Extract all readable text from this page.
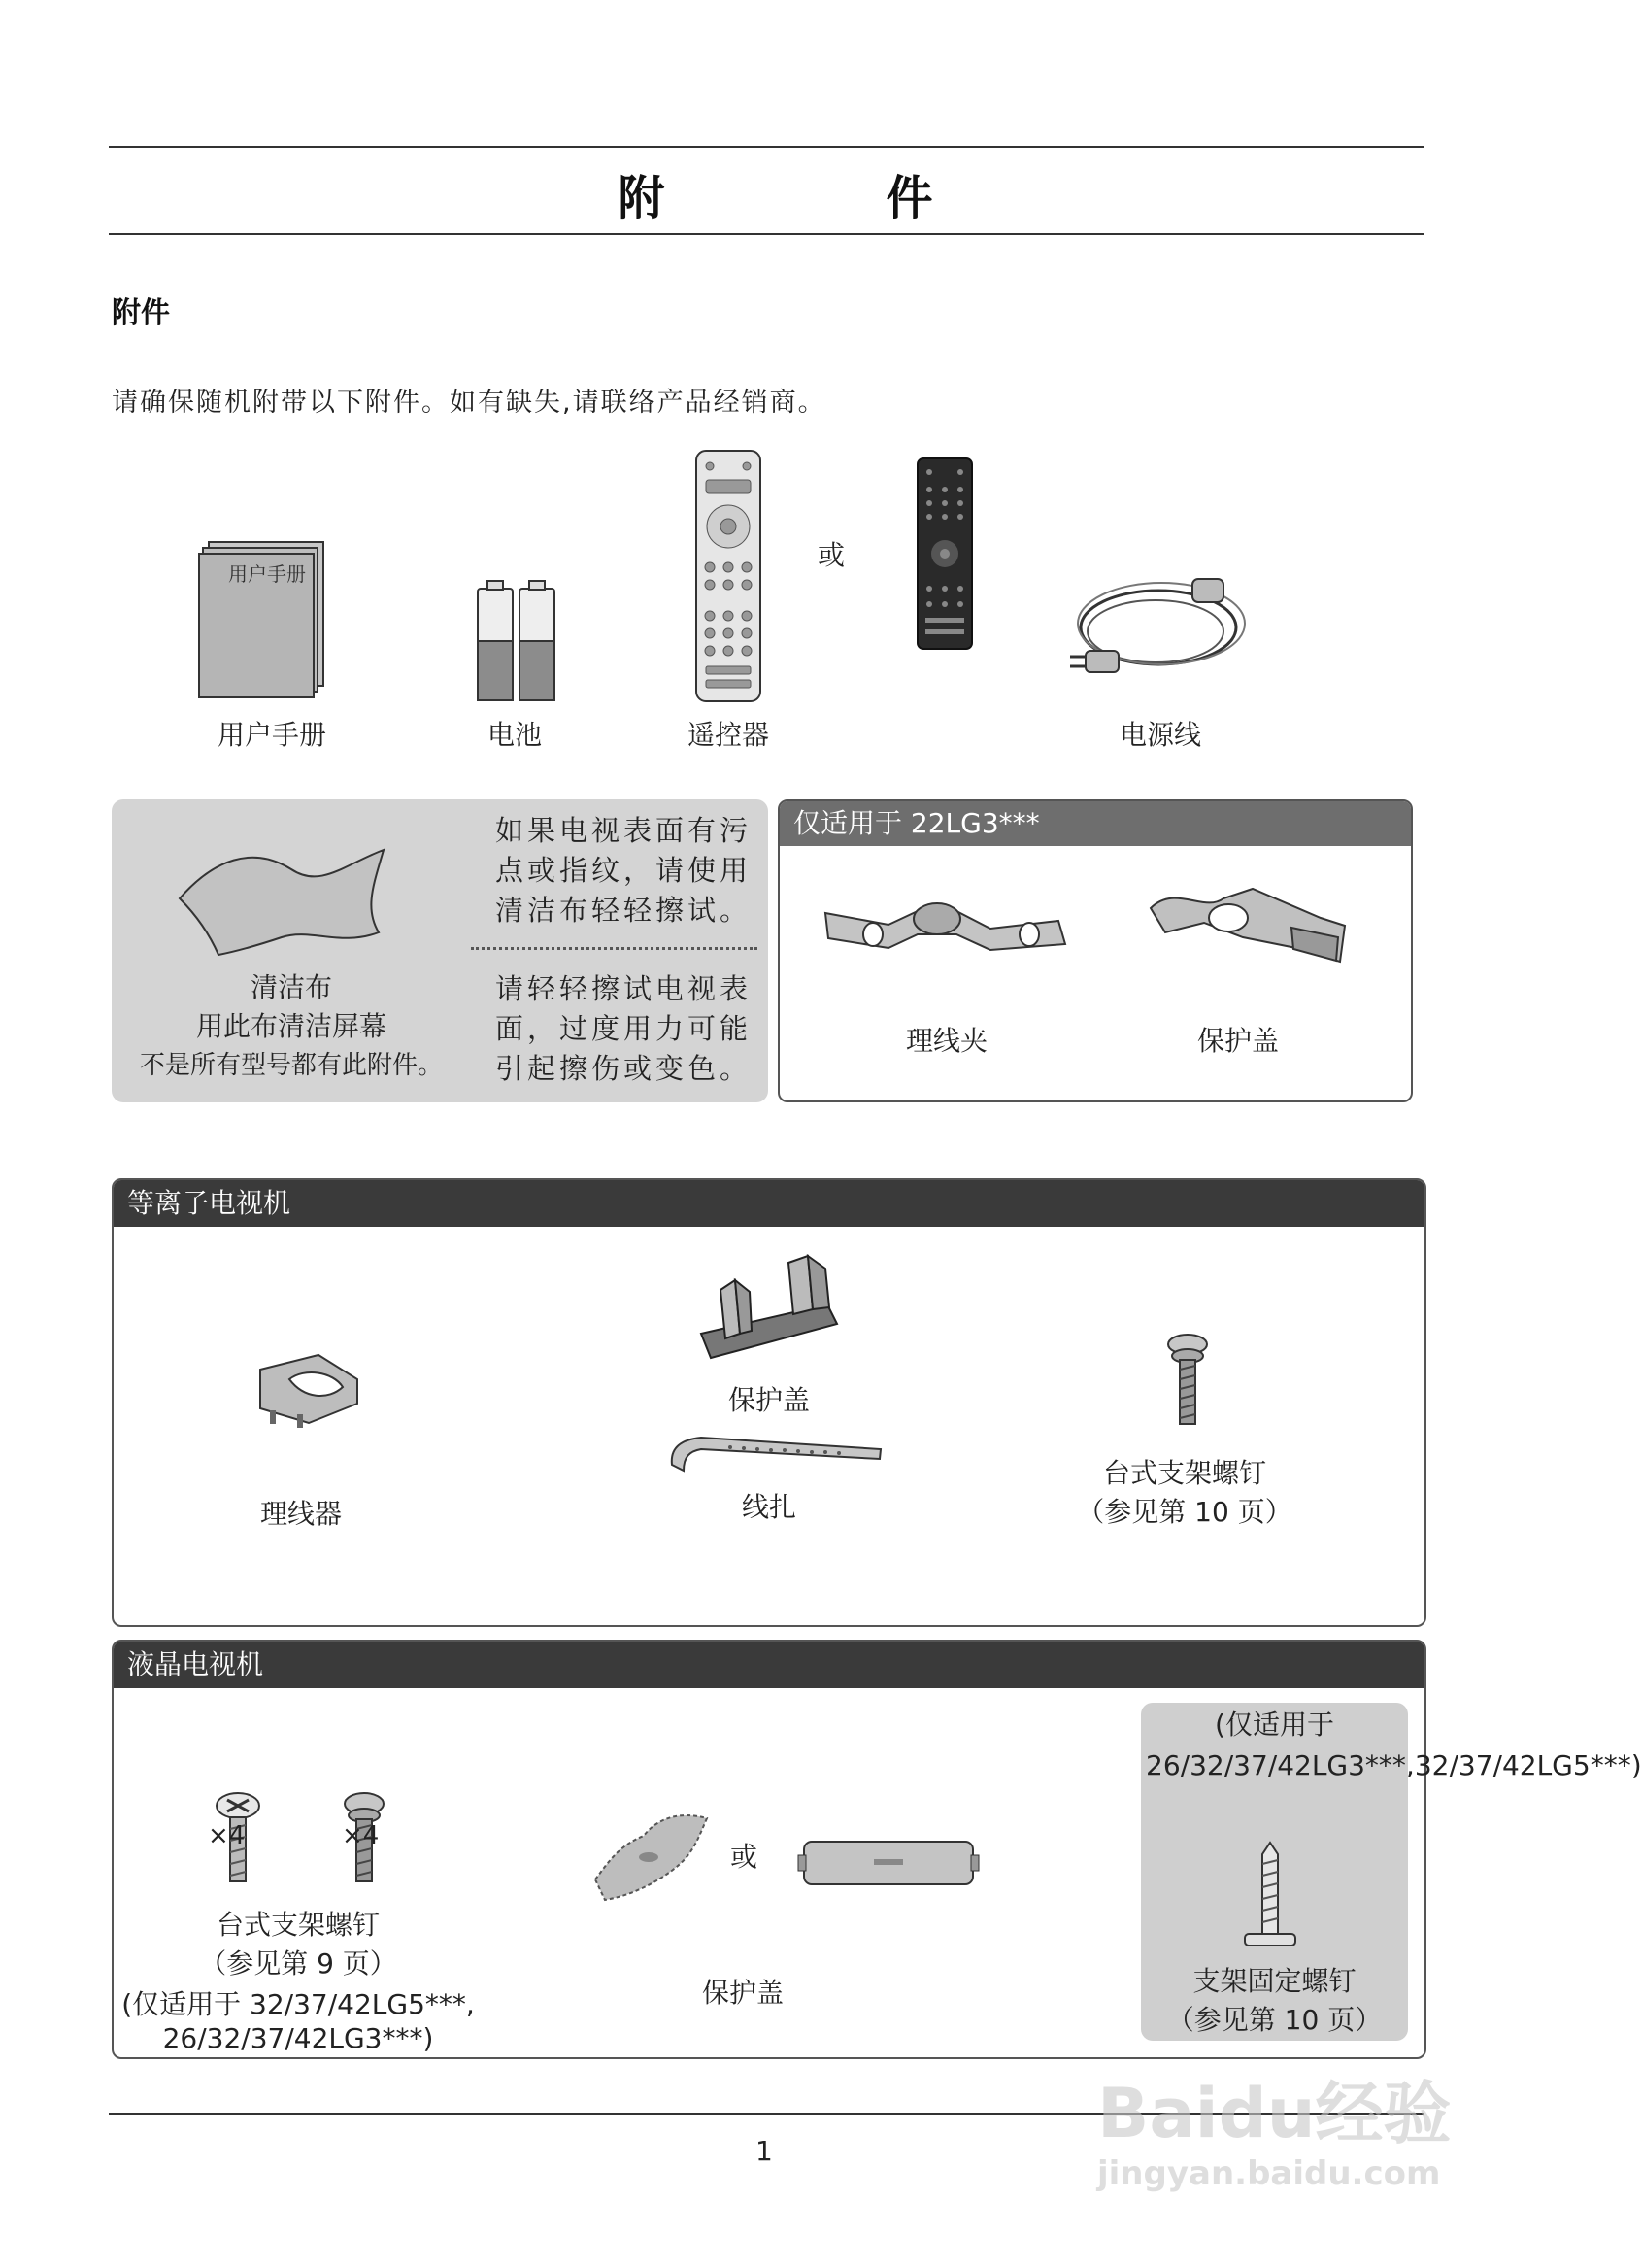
附　件
附件
请确保随机附带以下附件。如有缺失,请联络产品经销商。
用户手册
用户手册	电池	遥控器
或
电源线
清洁布
用此布清洁屏幕
不是所有型号都有此附件。
如果电视表面有污点或指纹，请使用清洁布轻轻擦试。
请轻轻擦试电视表面，过度用力可能引起擦伤或变色。
仅适用于 22LG3***
理线夹	保护盖
等离子电视机
理线器
保护盖
线扎
台式支架螺钉
（参见第 10 页）
液晶电视机
×4	×4
台式支架螺钉
（参见第 9 页）
(仅适用于 32/37/42LG5***,
26/32/37/42LG3***)
或
保护盖
(仅适用于 26/32/37/42LG3***,32/37/42LG5***)
支架固定螺钉
（参见第 10 页）
1	Baidu经验
jingyan.baidu.com
